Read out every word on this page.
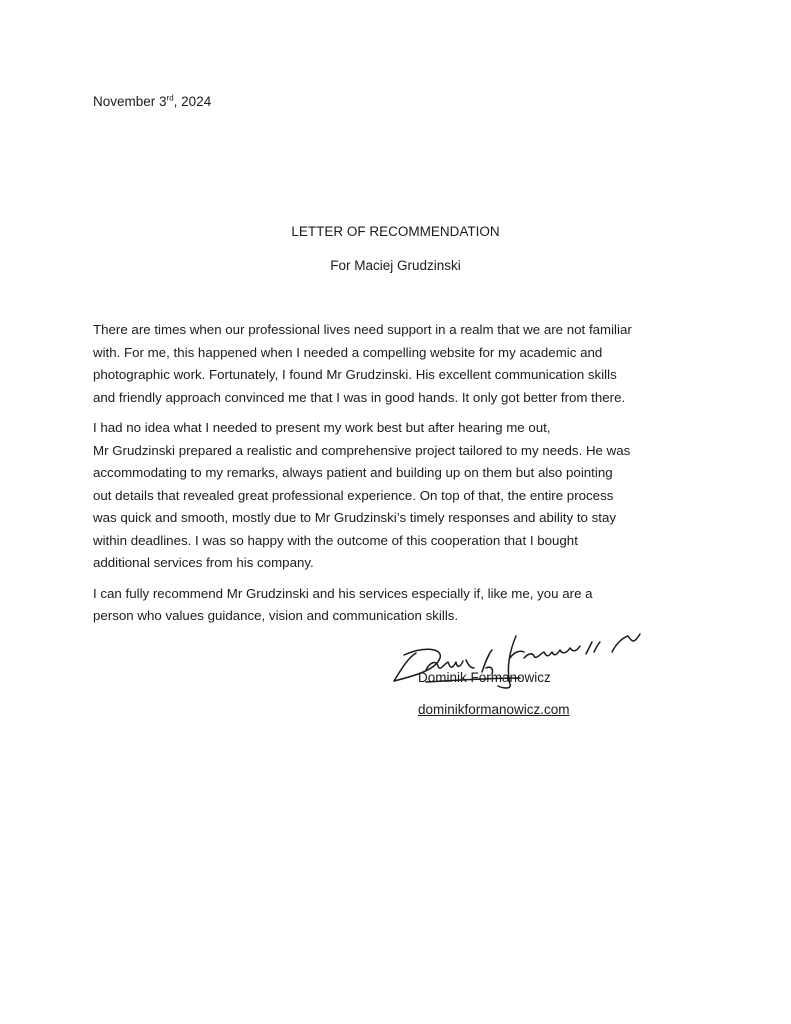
November 3rd, 2024
LETTER OF RECOMMENDATION
For Maciej Grudzinski

There are times when our professional lives need support in a realm that we are not familiar
with. For me, this happened when I needed a compelling website for my academic and
photographic work. Fortunately, I found Mr Grudzinski. His excellent communication skills
and friendly approach convinced me that I was in good hands. It only got better from there.

I had no idea what I needed to present my work best but after hearing me out,
Mr Grudzinski prepared a realistic and comprehensive project tailored to my needs. He was
accommodating to my remarks, always patient and building up on them but also pointing
out details that revealed great professional experience. On top of that, the entire process
was quick and smooth, mostly due to Mr Grudzinski’s timely responses and ability to stay
within deadlines. I was so happy with the outcome of this cooperation that I bought
additional services from his company.

I can fully recommend Mr Grudzinski and his services especially if, like me, you are a
person who values guidance, vision and communication skills.

Dominik Formanowicz
dominikformanowicz.com
